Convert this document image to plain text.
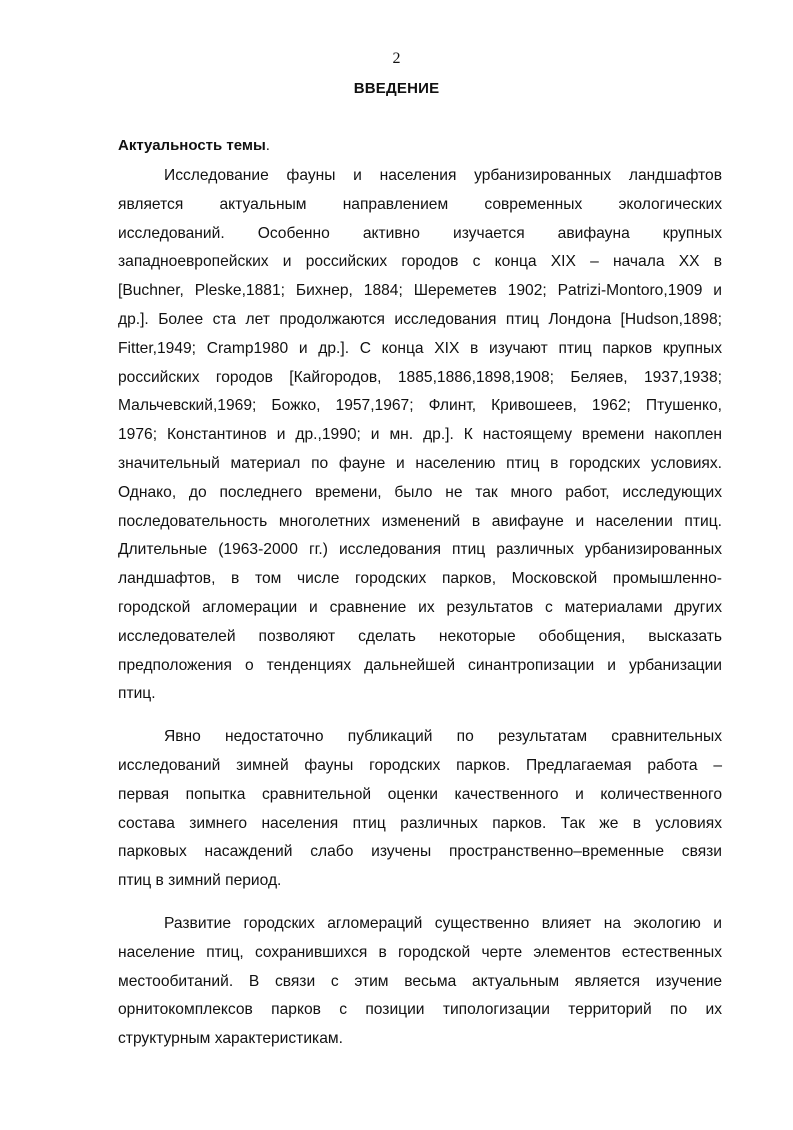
2
ВВЕДЕНИЕ
Актуальность темы.
Исследование фауны и населения урбанизированных ландшафтов
является актуальным направлением современных экологических
исследований. Особенно активно изучается авифауна крупных
западноевропейских и российских городов с конца XIX – начала XX в
[Buchner, Pleske,1881; Бихнер, 1884; Шереметев 1902; Patrizi-Montoro,1909 и
др.]. Более ста лет продолжаются исследования птиц Лондона [Hudson,1898;
Fitter,1949; Cramp1980 и др.]. С конца XIX в изучают птиц парков крупных
российских городов [Кайгородов, 1885,1886,1898,1908; Беляев, 1937,1938;
Мальчевский,1969; Божко, 1957,1967; Флинт, Кривошеев, 1962; Птушенко,
1976; Константинов и др.,1990; и мн. др.]. К настоящему времени накоплен
значительный материал по фауне и населению птиц в городских условиях.
Однако, до последнего времени, было не так много работ, исследующих
последовательность многолетних изменений в авифауне и населении птиц.
Длительные (1963-2000 гг.) исследования птиц различных урбанизированных
ландшафтов, в том числе городских парков, Московской промышленно-
городской агломерации и сравнение их результатов с материалами других
исследователей позволяют сделать некоторые обобщения, высказать
предположения о тенденциях дальнейшей синантропизации и урбанизации
птиц.
Явно недостаточно публикаций по результатам сравнительных
исследований зимней фауны городских парков. Предлагаемая работа –
первая попытка сравнительной оценки качественного и количественного
состава зимнего населения птиц различных парков. Так же в условиях
парковых насаждений слабо изучены пространственно–временные связи
птиц в зимний период.
Развитие городских агломераций существенно влияет на экологию и
население птиц, сохранившихся в городской черте элементов естественных
местообитаний. В связи с этим весьма актуальным является изучение
орнитокомплексов парков с позиции типологизации территорий по их
структурным характеристикам.
